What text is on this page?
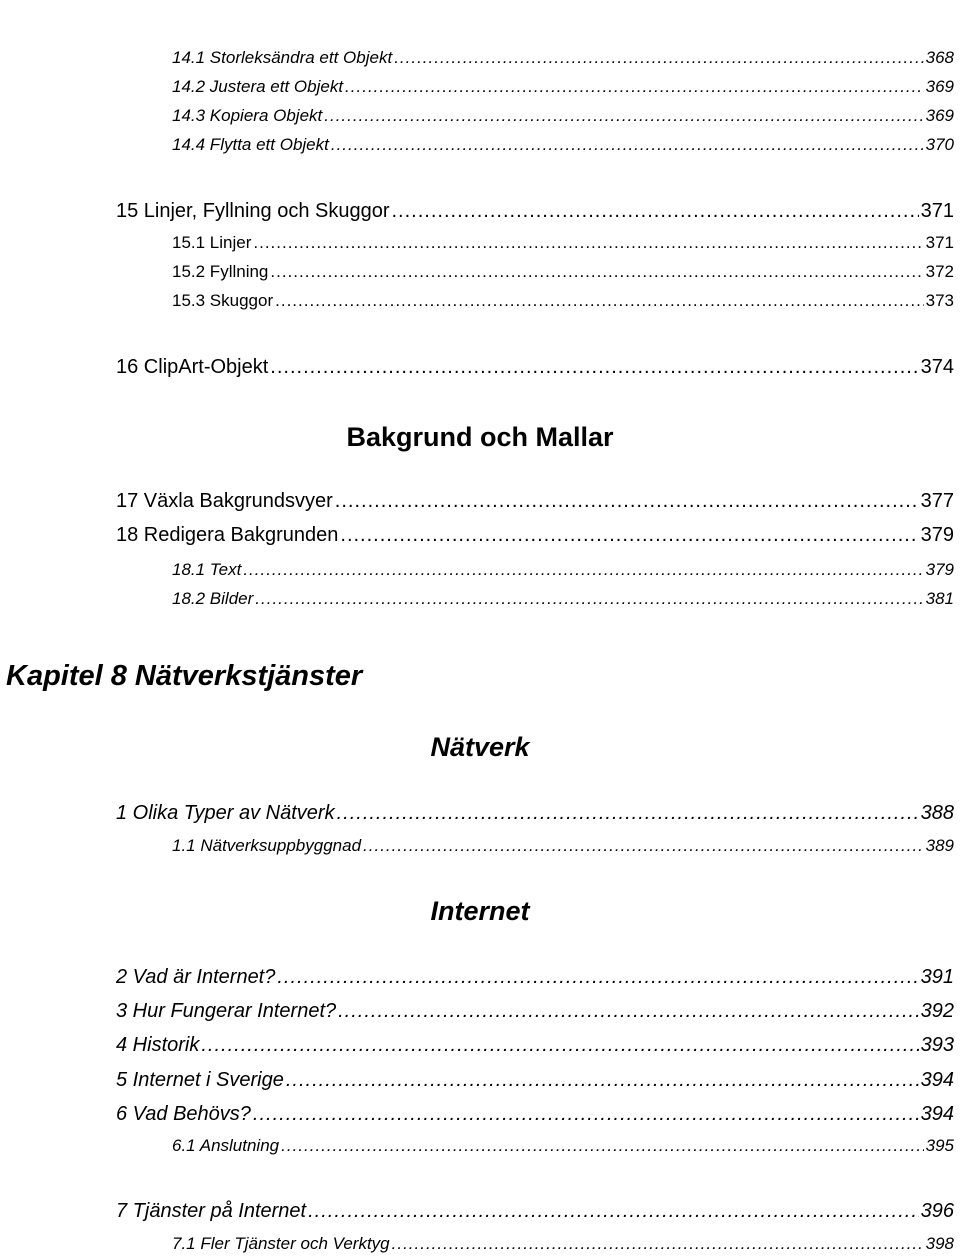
14.1 Storleksändra ett Objekt .....	368
14.2 Justera ett Objekt .....	369
14.3 Kopiera Objekt .....	369
14.4 Flytta ett Objekt .....	370
15 Linjer, Fyllning och Skuggor .....	371
15.1 Linjer .....	371
15.2 Fyllning .....	372
15.3 Skuggor .....	373
16 ClipArt-Objekt .....	374
Bakgrund och Mallar
17 Växla Bakgrundsvyer .....	377
18 Redigera Bakgrunden .....	379
18.1 Text .....	379
18.2 Bilder .....	381
Kapitel 8 Nätverkstjänster
Nätverk
1 Olika Typer av Nätverk .....	388
1.1 Nätverksuppbyggnad .....	389
Internet
2 Vad är Internet? .....	391
3 Hur Fungerar Internet? .....	392
4 Historik .....	393
5 Internet i Sverige .....	394
6 Vad Behövs? .....	394
6.1 Anslutning .....	395
7 Tjänster på Internet .....	396
7.1 Fler Tjänster och Verktyg .....	398
